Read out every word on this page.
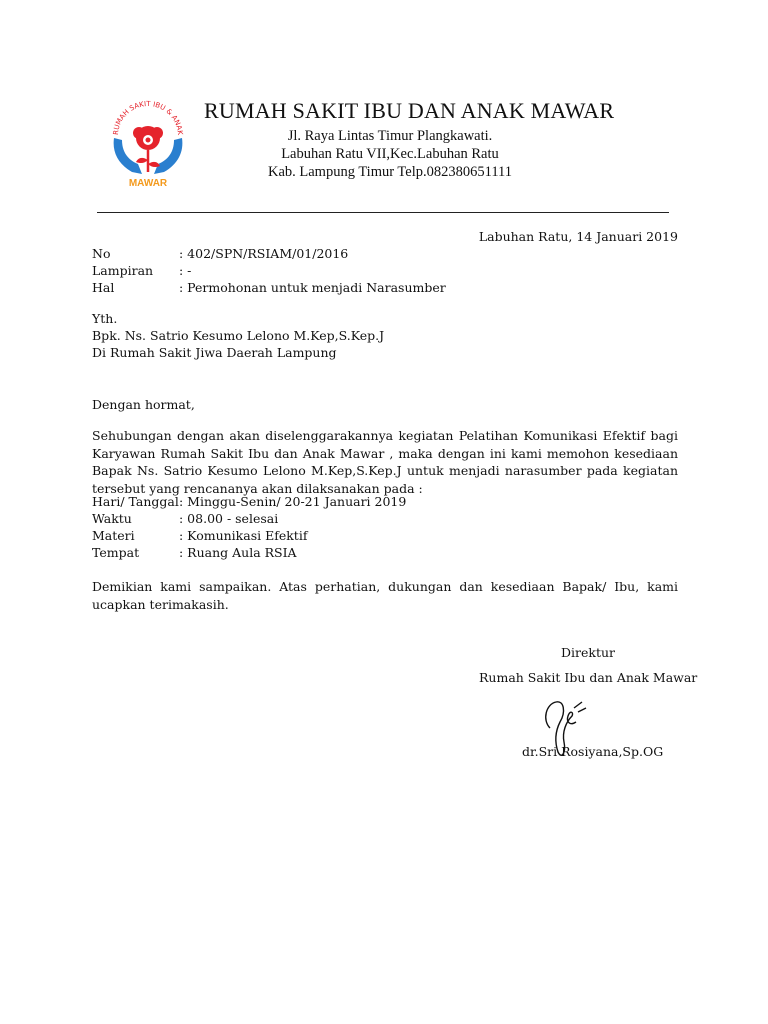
RUMAH SAKIT IBU & ANAK
MAWAR
RUMAH SAKIT IBU DAN ANAK MAWAR
Jl. Raya Lintas Timur Plangkawati.
Labuhan Ratu VII,Kec.Labuhan Ratu
Kab. Lampung Timur Telp.082380651111
Labuhan Ratu, 14 Januari 2019
No	: 402/SPN/RSIAM/01/2016
Lampiran : -
Hal	: Permohonan untuk menjadi Narasumber
Yth.
Bpk. Ns. Satrio Kesumo Lelono M.Kep,S.Kep.J
Di Rumah Sakit Jiwa Daerah Lampung
Dengan hormat,
Sehubungan dengan akan diselenggarakannya kegiatan Pelatihan Komunikasi Efektif bagi Karyawan Rumah Sakit Ibu dan Anak Mawar , maka dengan ini kami memohon kesediaan Bapak Ns. Satrio Kesumo Lelono M.Kep,S.Kep.J untuk menjadi narasumber pada kegiatan tersebut yang rencananya akan dilaksanakan pada :
Hari/ Tanggal : Minggu-Senin/ 20-21 Januari 2019
Waktu	: 08.00 - selesai
Materi	: Komunikasi Efektif
Tempat	: Ruang Aula RSIA
Demikian kami sampaikan. Atas perhatian, dukungan dan kesediaan Bapak/ Ibu, kami ucapkan terimakasih.
Direktur
Rumah Sakit Ibu dan Anak Mawar
dr.Sri Rosiyana,Sp.OG
